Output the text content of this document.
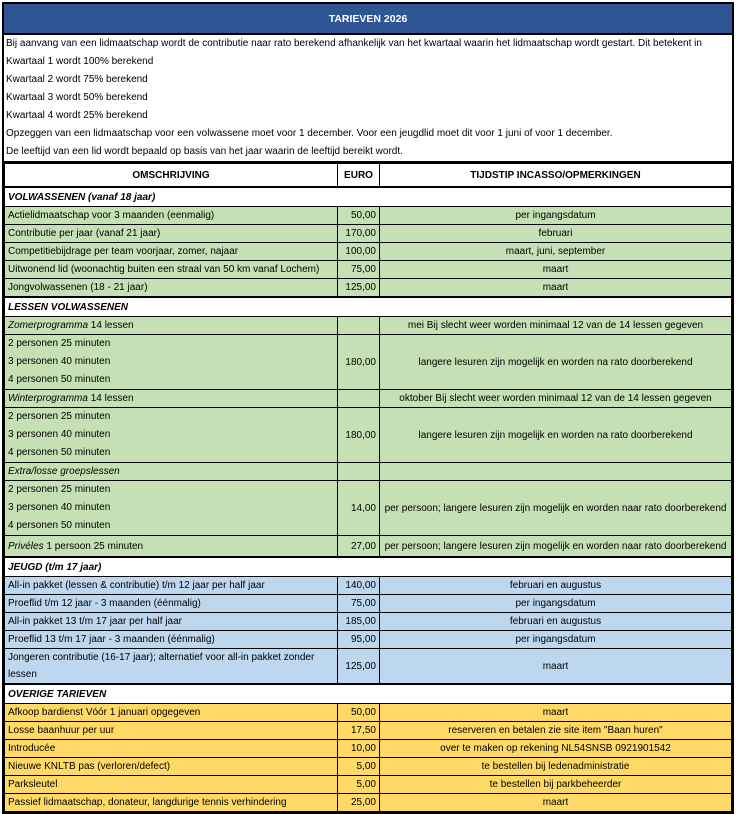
TARIEVEN 2026
Bij aanvang van een lidmaatschap wordt de contributie naar rato berekend afhankelijk van het kwartaal waarin het lidmaatschap wordt gestart. Dit betekent in
Kwartaal 1 wordt 100% berekend
Kwartaal 2 wordt 75% berekend
Kwartaal 3 wordt 50% berekend
Kwartaal 4 wordt 25% berekend
Opzeggen van een lidmaatschap voor een volwassene moet voor 1 december. Voor een jeugdlid moet dit voor 1 juni of voor 1 december.
De leeftijd van een lid wordt bepaald op basis van het jaar waarin de leeftijd bereikt wordt.
OMSCHRIJVING	EURO	TIJDSTIP INCASSO/OPMERKINGEN
VOLWASSENEN (vanaf 18 jaar)		
Actielidmaatschap voor 3 maanden (eenmalig)	50,00	per ingangsdatum
Contributie per jaar (vanaf 21 jaar)	170,00	februari
Competitiebijdrage per team voorjaar, zomer, najaar	100,00	maart, juni, september
Uitwonend lid (woonachtig buiten een straal van 50 km vanaf Lochem)	75,00	maart
Jongvolwassenen (18 - 21 jaar)	125,00	maart
LESSEN VOLWASSENEN		
Zomerprogramma 14 lessen		mei Bij slecht weer worden minimaal 12 van de 14 lessen gegeven

2 personen 25 minuten
3 personen 40 minuten
4 personen 50 minuten	180,00	langere lesuren zijn mogelijk en worden na rato doorberekend
Winterprogramma 14 lessen		oktober Bij slecht weer worden minimaal 12 van de 14 lessen gegeven

2 personen 25 minuten
3 personen 40 minuten
4 personen 50 minuten	180,00	langere lesuren zijn mogelijk en worden na rato doorberekend
Extra/losse groepslessen		

2 personen 25 minuten
3 personen 40 minuten
4 personen 50 minuten	14,00	per persoon; langere lesuren zijn mogelijk en worden naar rato doorberekend
Privéles 1 persoon 25 minuten	27,00	per persoon; langere lesuren zijn mogelijk en worden naar rato doorberekend
JEUGD (t/m 17 jaar)		
All-in pakket (lessen & contributie) t/m 12 jaar per half jaar	140,00	februari en augustus
Proeflid t/m 12 jaar - 3 maanden (éénmalig)	75,00	per ingangsdatum
All-in pakket 13 t/m 17 jaar per half jaar	185,00	februari en augustus
Proeflid 13 t/m 17 jaar - 3 maanden (éénmalig)	95,00	per ingangsdatum
Jongeren contributie (16-17 jaar); alternatief voor all-in pakket zonder lessen	125,00	maart
OVERIGE TARIEVEN		
Afkoop bardienst Vóór 1 januari opgegeven	50,00	maart
Losse baanhuur per uur	17,50	reserveren en betalen zie site item "Baan huren"
Introducée	10,00	over te maken op rekening NL54SNSB 0921901542
Nieuwe KNLTB pas (verloren/defect)	5,00	te bestellen bij ledenadministratie
Parksleutel	5,00	te bestellen bij parkbeheerder
Passief lidmaatschap, donateur, langdurige tennis verhindering	25,00	maart
